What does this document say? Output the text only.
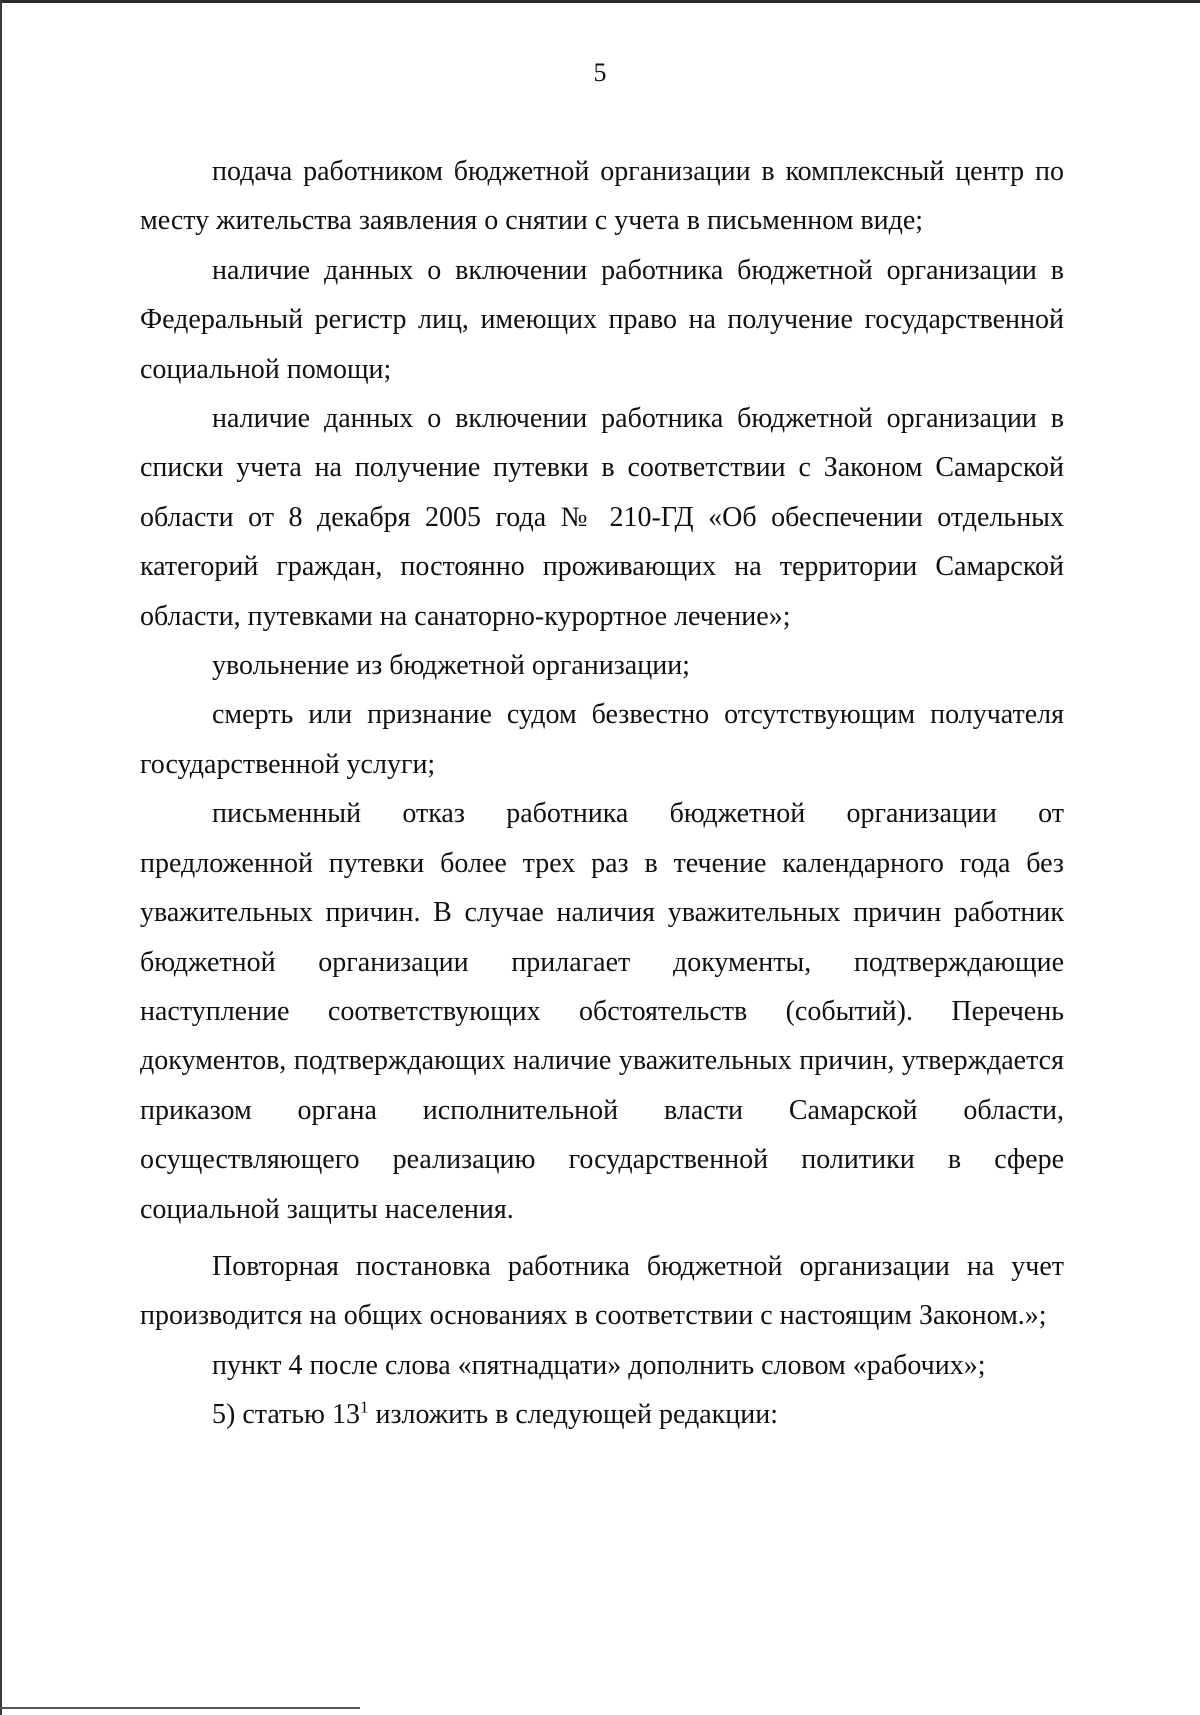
5

подача работником бюджетной организации в комплексный центр по месту жительства заявления о снятии с учета в письменном виде;

наличие данных о включении работника бюджетной организации в Федеральный регистр лиц, имеющих право на получение государственной социальной помощи;

наличие данных о включении работника бюджетной организации в списки учета на получение путевки в соответствии с Законом Самарской области от 8 декабря 2005 года № 210-ГД «Об обеспечении отдельных категорий граждан, постоянно проживающих на территории Самарской области, путевками на санаторно-курортное лечение»;

увольнение из бюджетной организации;

смерть или признание судом безвестно отсутствующим получателя государственной услуги;

письменный отказ работника бюджетной организации от предложенной путевки более трех раз в течение календарного года без уважительных причин. В случае наличия уважительных причин работник бюджетной организации прилагает документы, подтверждающие наступление соответствующих обстоятельств (событий). Перечень документов, подтверждающих наличие уважительных причин, утверждается приказом органа исполнительной власти Самарской области, осуществляющего реализацию государственной политики в сфере социальной защиты населения.

Повторная постановка работника бюджетной организации на учет производится на общих основаниях в соответствии с настоящим Законом.»;

пункт 4 после слова «пятнадцати» дополнить словом «рабочих»;

5) статью $13^1$ изложить в следующей редакции:
